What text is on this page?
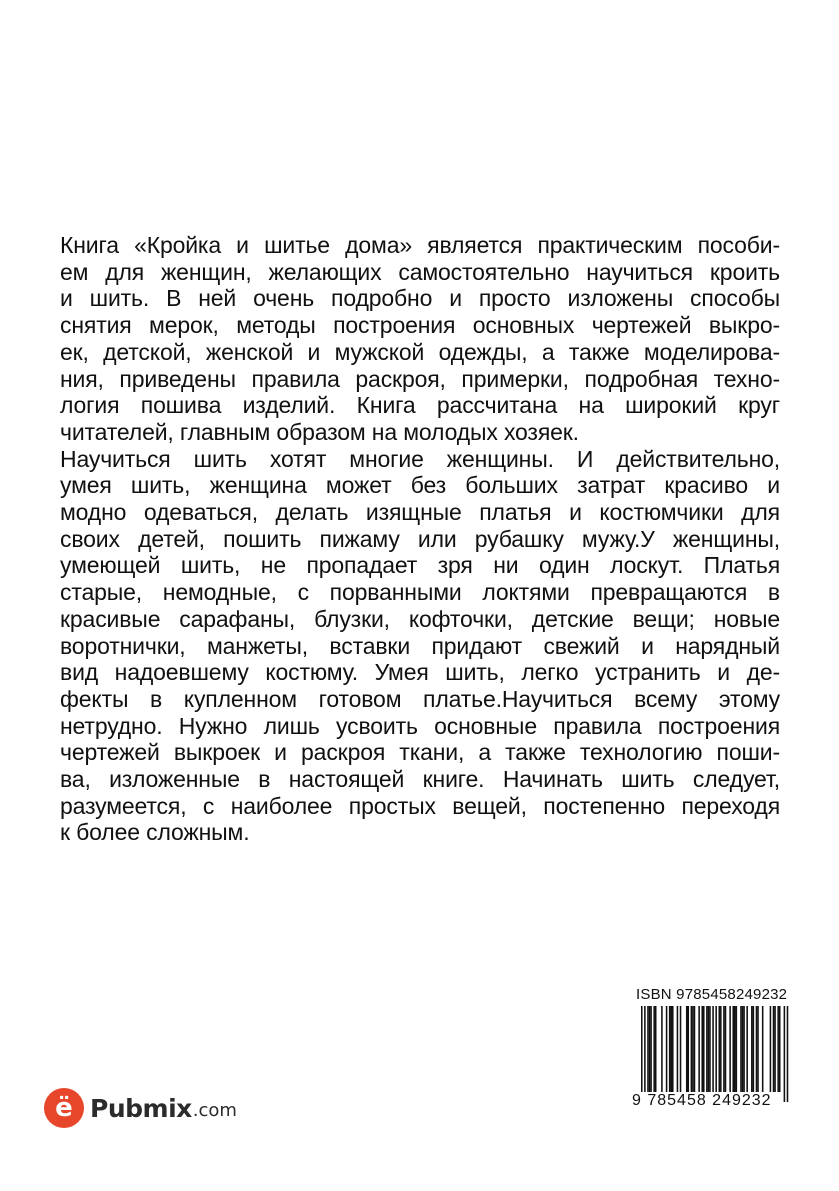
Книга «Кройка и шитье дома» является практическим пособи-
ем для женщин, желающих самостоятельно научиться кроить
и шить. В ней очень подробно и просто изложены способы
снятия мерок, методы построения основных чертежей выкро-
ек, детской, женской и мужской одежды, а также моделирова-
ния, приведены правила раскроя, примерки, подробная техно-
логия пошива изделий. Книга рассчитана на широкий круг
читателей, главным образом на молодых хозяек.

Научиться шить хотят многие женщины. И действительно,
умея шить, женщина может без больших затрат красиво и
модно одеваться, делать изящные платья и костюмчики для
своих детей, пошить пижаму или рубашку мужу.У женщины,
умеющей шить, не пропадает зря ни один лоскут. Платья
старые, немодные, с порванными локтями превращаются в
красивые сарафаны, блузки, кофточки, детские вещи; новые
воротнички, манжеты, вставки придают свежий и нарядный
вид надоевшему костюму. Умея шить, легко устранить и де-
фекты в купленном готовом платье.Научиться всему этому
нетрудно. Нужно лишь усвоить основные правила построения
чертежей выкроек и раскроя ткани, а также технологию поши-
ва, изложенные в настоящей книге. Начинать шить следует,
разумеется, с наиболее простых вещей, постепенно переходя
к более сложным.

ISBN 9785458249232
9 785458 249232
ё Pubmix .com
